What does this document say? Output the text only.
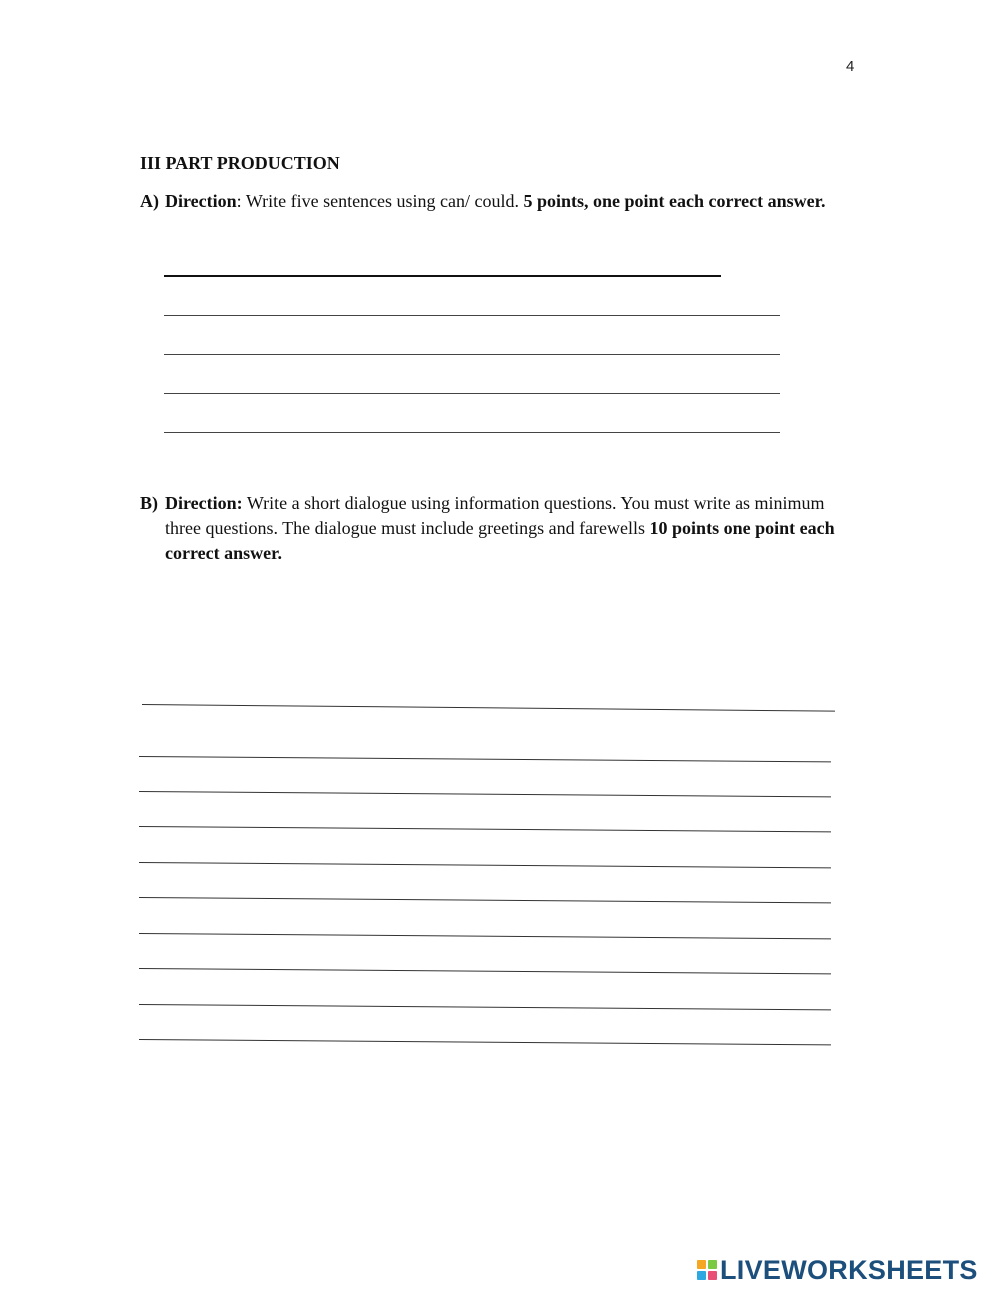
4
III PART PRODUCTION
A) Direction: Write five sentences using can/ could. 5 points, one point each correct answer.
B) Direction: Write a short dialogue using information questions. You must write as minimum three questions. The dialogue must include greetings and farewells 10 points one point each correct answer.
LIVEWORKSHEETS
